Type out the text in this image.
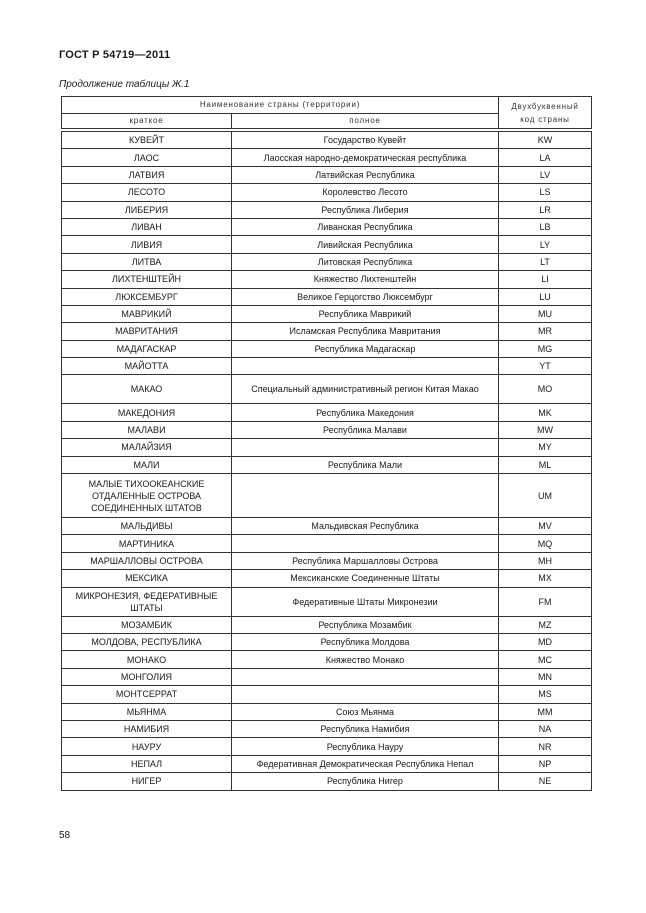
ГОСТ Р 54719—2011
Продолжение таблицы Ж.1
Наименование страны (территории)		Двухбуквенный код страны
краткое	полное	

КУВЕЙТ	Государство Кувейт	KW
ЛАОС	Лаосская народно-демократическая республика	LA
ЛАТВИЯ	Латвийская Республика	LV
ЛЕСОТО	Королевство Лесото	LS
ЛИБЕРИЯ	Республика Либерия	LR
ЛИВАН	Ливанская Республика	LB
ЛИВИЯ	Ливийская Республика	LY
ЛИТВА	Литовская Республика	LT
ЛИХТЕНШТЕЙН	Княжество Лихтенштейн	LI
ЛЮКСЕМБУРГ	Великое Герцогство Люксембург	LU
МАВРИКИЙ	Республика Маврикий	MU
МАВРИТАНИЯ	Исламская Республика Мавритания	MR
МАДАГАСКАР	Республика Мадагаскар	MG
МАЙОТТА		YT
МАКАО	Специальный административный регион Китая Макао	MO
МАКЕДОНИЯ	Республика Македония	MK
МАЛАВИ	Республика Малави	MW
МАЛАЙЗИЯ		MY
МАЛИ	Республика Мали	ML
МАЛЫЕ ТИХООКЕАНСКИЕ ОТДАЛЕННЫЕ ОСТРОВА СОЕДИНЕННЫХ ШТАТОВ		UM
МАЛЬДИВЫ	Мальдивская Республика	MV
МАРТИНИКА		MQ
МАРШАЛЛОВЫ ОСТРОВА	Республика Маршалловы Острова	MH
МЕКСИКА	Мексиканские Соединенные Штаты	MX
МИКРОНЕЗИЯ, ФЕДЕРАТИВНЫЕ ШТАТЫ	Федеративные Штаты Микронезии	FM
МОЗАМБИК	Республика Мозамбик	MZ
МОЛДОВА, РЕСПУБЛИКА	Республика Молдова	MD
МОНАКО	Княжество Монако	MC
МОНГОЛИЯ		MN
МОНТСЕРРАТ		MS
МЬЯНМА	Союз Мьянма	MM
НАМИБИЯ	Республика Намибия	NA
НАУРУ	Республика Науру	NR
НЕПАЛ	Федеративная Демократическая Республика Непал	NP
НИГЕР	Республика Нигер	NE
58
